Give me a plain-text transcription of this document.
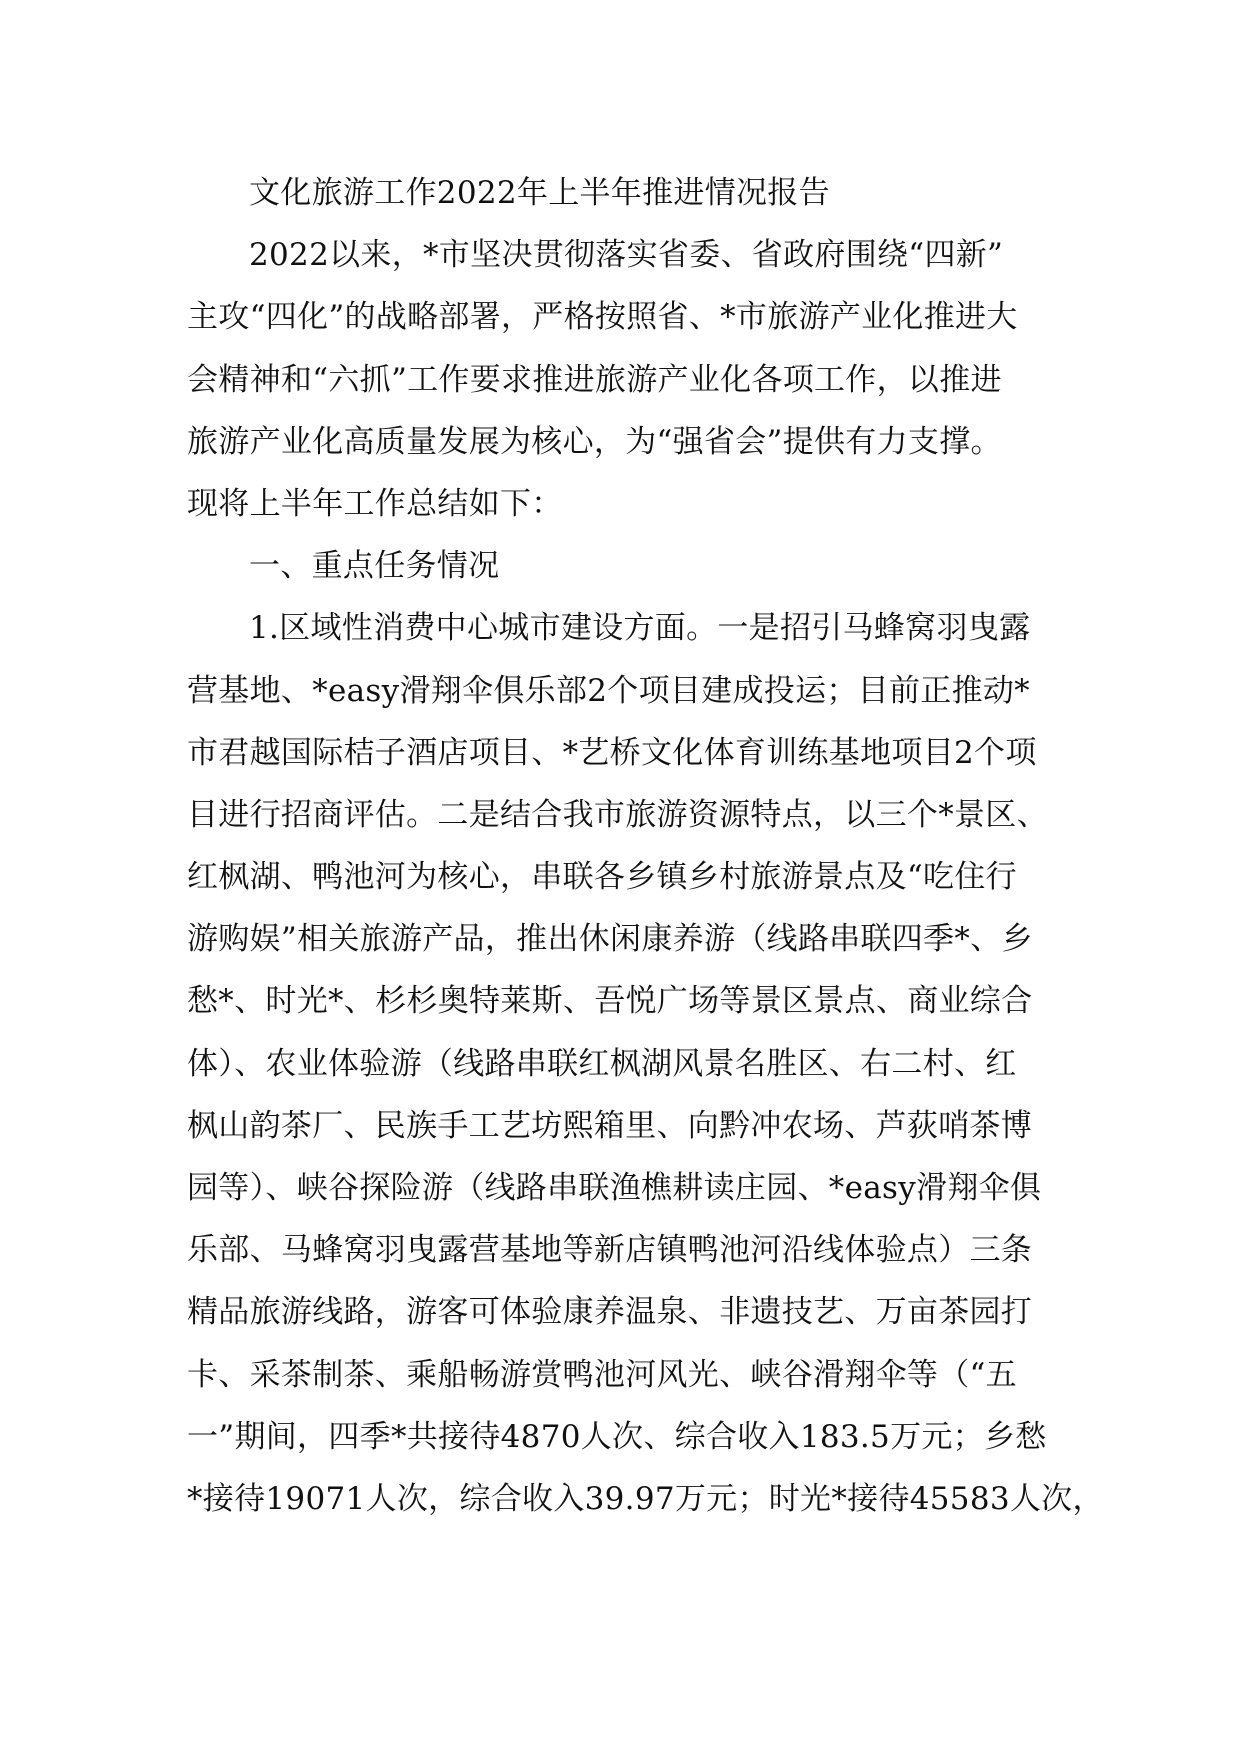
文化旅游工作2022年上半年推进情况报告
2022以来，*市坚决贯彻落实省委、省政府围绕“四新”
主攻“四化”的战略部署，严格按照省、*市旅游产业化推进大
会精神和“六抓”工作要求推进旅游产业化各项工作，以推进
旅游产业化高质量发展为核心，为“强省会”提供有力支撑。
现将上半年工作总结如下：
一、重点任务情况
1.区域性消费中心城市建设方面。一是招引马蜂窝羽曳露
营基地、*easy滑翔伞俱乐部2个项目建成投运；目前正推动*
市君越国际桔子酒店项目、*艺桥文化体育训练基地项目2个项
目进行招商评估。二是结合我市旅游资源特点，以三个*景区、
红枫湖、鸭池河为核心，串联各乡镇乡村旅游景点及“吃住行
游购娱”相关旅游产品，推出休闲康养游（线路串联四季*、乡
愁*、时光*、杉杉奥特莱斯、吾悦广场等景区景点、商业综合
体）、农业体验游（线路串联红枫湖风景名胜区、右二村、红
枫山韵茶厂、民族手工艺坊熙箱里、向黔冲农场、芦荻哨茶博
园等）、峡谷探险游（线路串联渔樵耕读庄园、*easy滑翔伞俱
乐部、马蜂窝羽曳露营基地等新店镇鸭池河沿线体验点）三条
精品旅游线路，游客可体验康养温泉、非遗技艺、万亩茶园打
卡、采茶制茶、乘船畅游赏鸭池河风光、峡谷滑翔伞等（“五
一”期间，四季*共接待4870人次、综合收入183.5万元；乡愁
*接待19071人次，综合收入39.97万元；时光*接待45583人次，
